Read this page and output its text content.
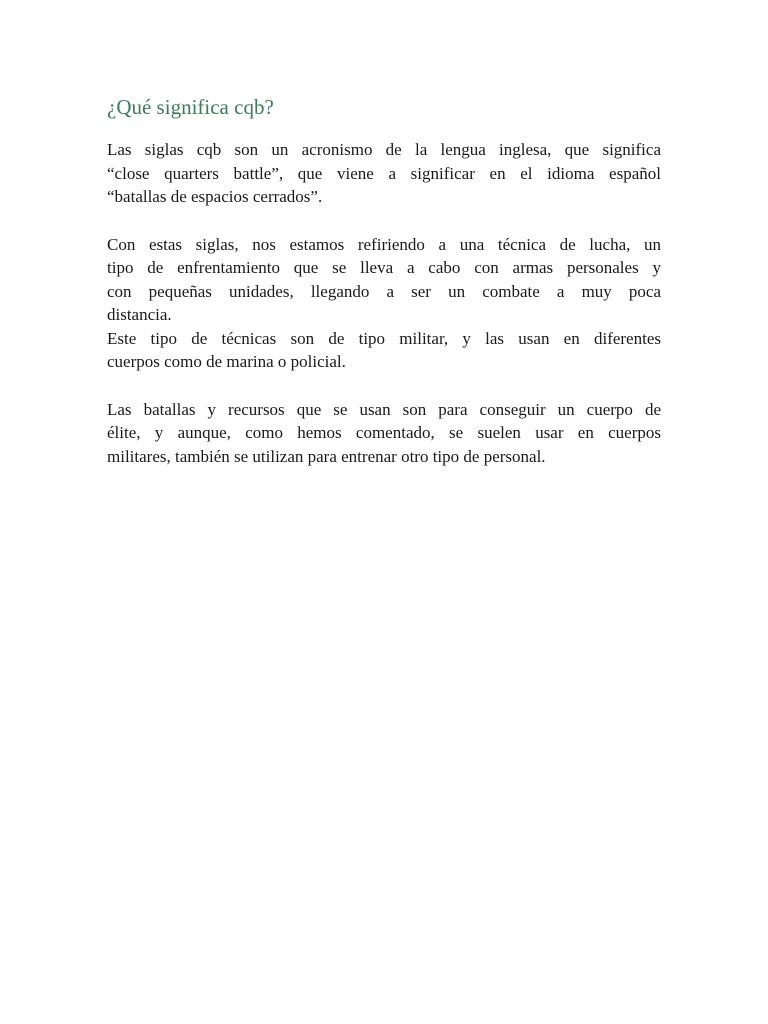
¿Qué significa cqb?

Las siglas cqb son un acronismo de la lengua inglesa, que significa
“close quarters battle”, que viene a significar en el idioma español
“batallas de espacios cerrados”.

Con estas siglas, nos estamos refiriendo a una técnica de lucha, un
tipo de enfrentamiento que se lleva a cabo con armas personales y
con pequeñas unidades, llegando a ser un combate a muy poca
distancia.

Este tipo de técnicas son de tipo militar, y las usan en diferentes
cuerpos como de marina o policial.

Las batallas y recursos que se usan son para conseguir un cuerpo de
élite, y aunque, como hemos comentado, se suelen usar en cuerpos
militares, también se utilizan para entrenar otro tipo de personal.
